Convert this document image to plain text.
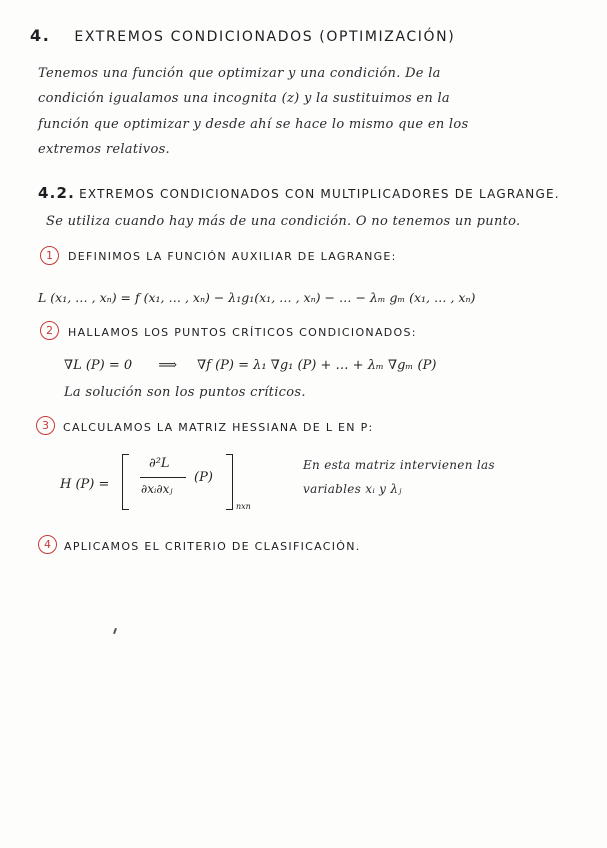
4. EXTREMOS CONDICIONADOS (OPTIMIZACIÓN)
Tenemos una función que optimizar y una condición. De la
condición igualamos una incognita (z) y la sustituimos en la
función que optimizar y desde ahí se hace lo mismo que en los
extremos relativos.
4.2. EXTREMOS CONDICIONADOS CON MULTIPLICADORES DE LAGRANGE.
Se utiliza cuando hay más de una condición. O no tenemos un punto.
1	DEFINIMOS LA FUNCIÓN AUXILIAR DE LAGRANGE:
L (x₁, … , xₙ) = f (x₁, … , xₙ) − λ₁g₁(x₁, … , xₙ) − … − λₘ gₘ (x₁, … , xₙ)
2	HALLAMOS LOS PUNTOS CRÍTICOS CONDICIONADOS:
∇L (P) = 0 ⟹ ∇f (P) = λ₁ ∇g₁ (P) + … + λₘ ∇gₘ (P)
La solución son los puntos críticos.
3	CALCULAMOS LA MATRIZ HESSIANA DE L EN P:
H (P) =
∂²L
∂xᵢ∂xⱼ
(P)
nxn
En esta matriz intervienen las
variables xᵢ y λⱼ
4	APLICAMOS EL CRITERIO DE CLASIFICACIÓN.
